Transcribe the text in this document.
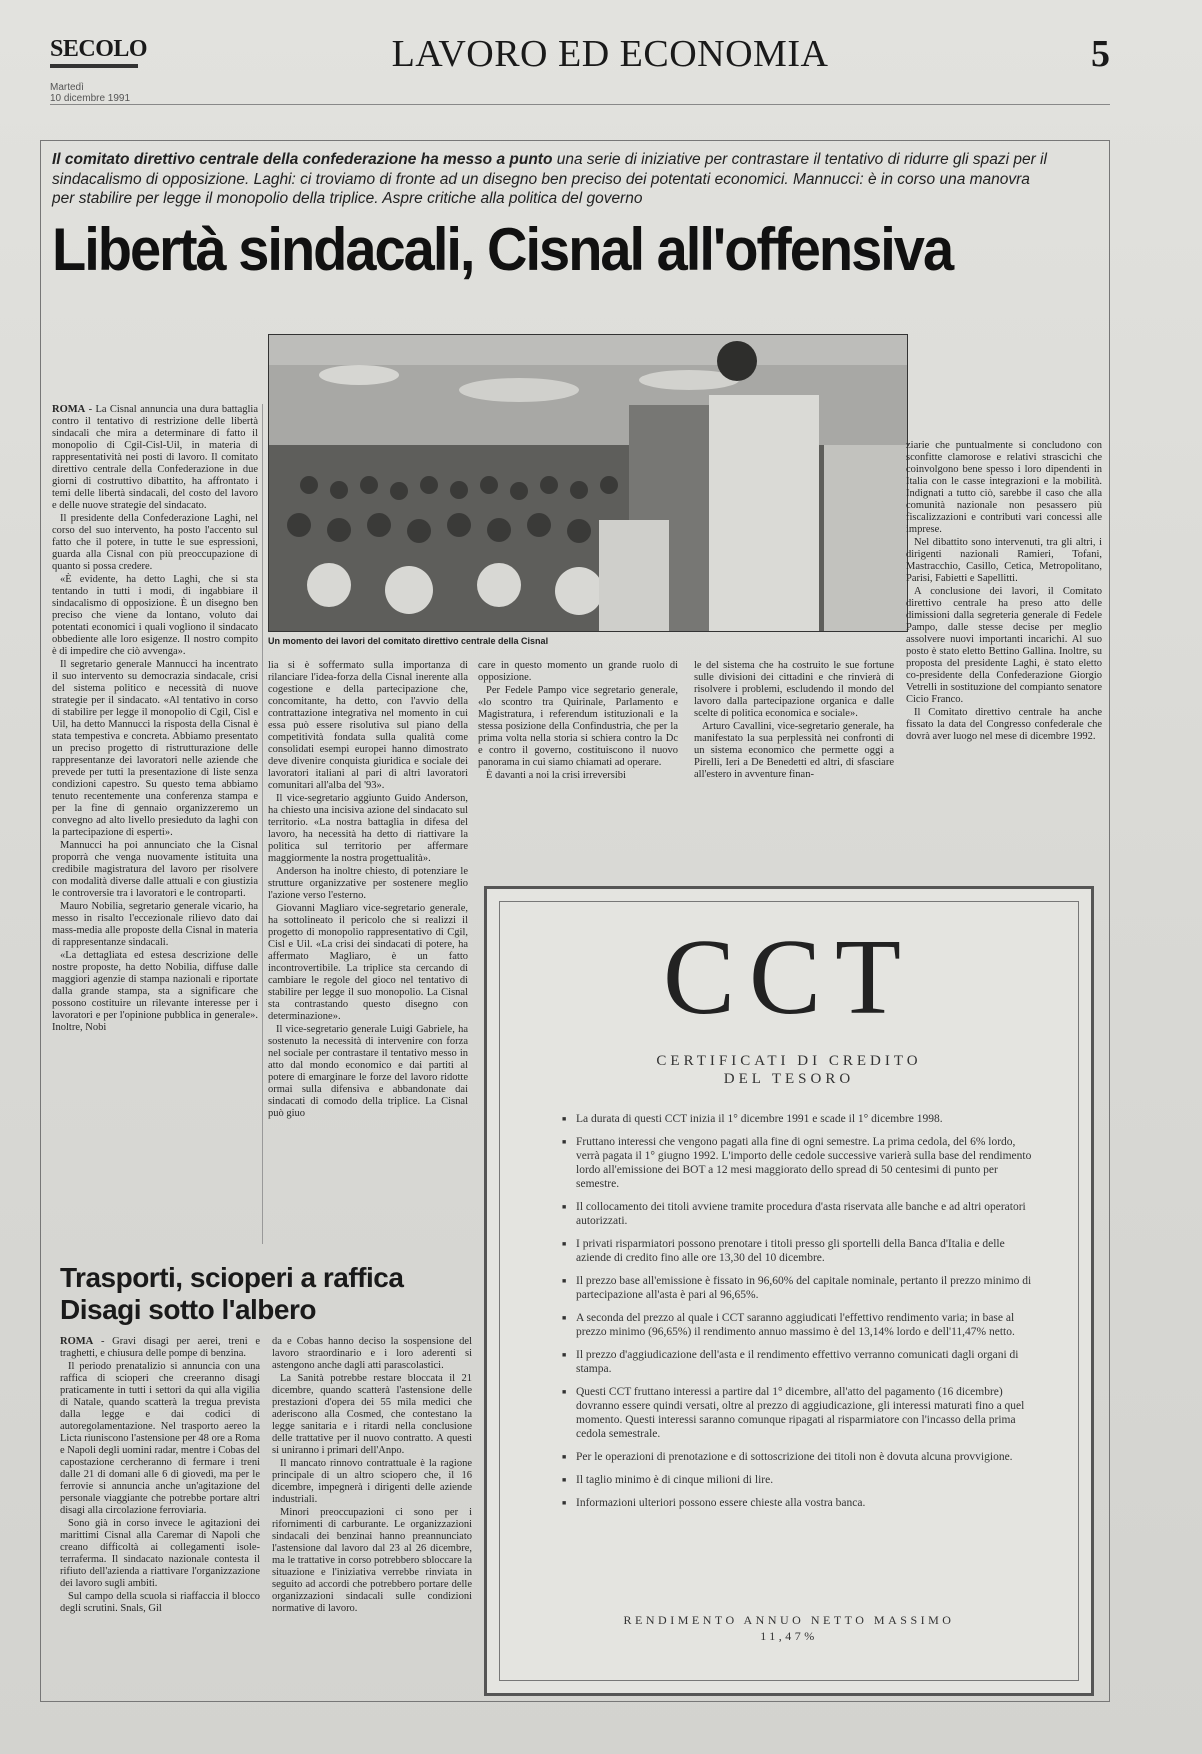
SECOLO
Martedì
10 dicembre 1991
LAVORO ED ECONOMIA	5
Il comitato direttivo centrale della confederazione ha messo a punto una serie di iniziative per contrastare il tentativo di ridurre gli spazi per il sindacalismo di opposizione. Laghi: ci troviamo di fronte ad un disegno ben preciso dei potentati economici. Mannucci: è in corso una manovra per stabilire per legge il monopolio della triplice. Aspre critiche alla politica del governo
Libertà sindacali, Cisnal all'offensiva
Un momento dei lavori del comitato direttivo centrale della Cisnal

ROMA - La Cisnal annuncia una dura battaglia contro il tentativo di restrizione delle libertà sindacali che mira a determinare di fatto il monopolio di Cgil-Cisl-Uil, in materia di rappresentatività nei posti di lavoro. Il comitato direttivo centrale della Confederazione in due giorni di costruttivo dibattito, ha affrontato i temi delle libertà sindacali, del costo del lavoro e delle nuove strategie del sindacato.

Il presidente della Confederazione Laghi, nel corso del suo intervento, ha posto l'accento sul fatto che il potere, in tutte le sue espressioni, guarda alla Cisnal con più preoccupazione di quanto si possa credere.

«È evidente, ha detto Laghi, che si sta tentando in tutti i modi, di ingabbiare il sindacalismo di opposizione. È un disegno ben preciso che viene da lontano, voluto dai potentati economici i quali vogliono il sindacato obbediente alle loro esigenze. Il nostro compito è di impedire che ciò avvenga».

Il segretario generale Mannucci ha incentrato il suo intervento su democrazia sindacale, crisi del sistema politico e necessità di nuove strategie per il sindacato. «Al tentativo in corso di stabilire per legge il monopolio di Cgil, Cisl e Uil, ha detto Mannucci la risposta della Cisnal è stata tempestiva e concreta. Abbiamo presentato un preciso progetto di ristrutturazione delle rappresentanze dei lavoratori nelle aziende che prevede per tutti la presentazione di liste senza condizioni capestro. Su questo tema abbiamo tenuto recentemente una conferenza stampa e per la fine di gennaio organizzeremo un convegno ad alto livello presieduto da laghi con la partecipazione di esperti».

Mannucci ha poi annunciato che la Cisnal proporrà che venga nuovamente istituita una credibile magistratura del lavoro per risolvere con modalità diverse dalle attuali e con giustizia le controversie tra i lavoratori e le controparti.

Mauro Nobilia, segretario generale vicario, ha messo in risalto l'eccezionale rilievo dato dai mass-media alle proposte della Cisnal in materia di rappresentanze sindacali.

«La dettagliata ed estesa descrizione delle nostre proposte, ha detto Nobilia, diffuse dalle maggiori agenzie di stampa nazionali e riportate dalla grande stampa, sta a significare che possono costituire un rilevante interesse per i lavoratori e per l'opinione pubblica in generale». Inoltre, Nobi

lia si è soffermato sulla importanza di rilanciare l'idea-forza della Cisnal inerente alla cogestione e della partecipazione che, concomitante, ha detto, con l'avvio della contrattazione integrativa nel momento in cui essa può essere risolutiva sul piano della competitività fondata sulla qualità come consolidati esempi europei hanno dimostrato deve divenire conquista giuridica e sociale dei lavoratori italiani al pari di altri lavoratori comunitari all'alba del '93».

Il vice-segretario aggiunto Guido Anderson, ha chiesto una incisiva azione del sindacato sul territorio. «La nostra battaglia in difesa del lavoro, ha necessità ha detto di riattivare la politica sul territorio per affermare maggiormente la nostra progettualità».

Anderson ha inoltre chiesto, di potenziare le strutture organizzative per sostenere meglio l'azione verso l'esterno.

Giovanni Magliaro vice-segretario generale, ha sottolineato il pericolo che si realizzi il progetto di monopolio rappresentativo di Cgil, Cisl e Uil. «La crisi dei sindacati di potere, ha affermato Magliaro, è un fatto incontrovertibile. La triplice sta cercando di cambiare le regole del gioco nel tentativo di stabilire per legge il suo monopolio. La Cisnal sta contrastando questo disegno con determinazione».

Il vice-segretario generale Luigi Gabriele, ha sostenuto la necessità di intervenire con forza nel sociale per contrastare il tentativo messo in atto dal mondo economico e dai partiti al potere di emarginare le forze del lavoro ridotte ormai sulla difensiva e abbandonate dai sindacati di comodo della triplice. La Cisnal può giuo

care in questo momento un grande ruolo di opposizione.

Per Fedele Pampo vice segretario generale, «lo scontro tra Quirinale, Parlamento e Magistratura, i referendum istituzionali e la stessa posizione della Confindustria, che per la prima volta nella storia si schiera contro la Dc e contro il governo, costituiscono il nuovo panorama in cui siamo chiamati ad operare.

È davanti a noi la crisi irreversibi

le del sistema che ha costruito le sue fortune sulle divisioni dei cittadini e che rinvierà di risolvere i problemi, escludendo il mondo del lavoro dalla partecipazione organica e dalle scelte di politica economica e sociale».

Arturo Cavallini, vice-segretario generale, ha manifestato la sua perplessità nei confronti di un sistema economico che permette oggi a Pirelli, Ieri a De Benedetti ed altri, di sfasciare all'estero in avventure finan-

ziarie che puntualmente si concludono con sconfitte clamorose e relativi strascichi che coinvolgono bene spesso i loro dipendenti in Italia con le casse integrazioni e la mobilità. Indignati a tutto ciò, sarebbe il caso che alla comunità nazionale non pesassero più fiscalizzazioni e contributi vari concessi alle imprese.

Nel dibattito sono intervenuti, tra gli altri, i dirigenti nazionali Ramieri, Tofani, Mastracchio, Casillo, Cetica, Metropolitano, Parisi, Fabietti e Sapellitti.

A conclusione dei lavori, il Comitato direttivo centrale ha preso atto delle dimissioni dalla segreteria generale di Fedele Pampo, dalle stesse decise per meglio assolvere nuovi importanti incarichi. Al suo posto è stato eletto Bettino Gallina. Inoltre, su proposta del presidente Laghi, è stato eletto co-presidente della Confederazione Giorgio Vetrelli in sostituzione del compianto senatore Cicio Franco.

Il Comitato direttivo centrale ha anche fissato la data del Congresso confederale che dovrà aver luogo nel mese di dicembre 1992.

Trasporti, scioperi a raffica
Disagi sotto l'albero

ROMA - Gravi disagi per aerei, treni e traghetti, e chiusura delle pompe di benzina.

Il periodo prenatalizio si annuncia con una raffica di scioperi che creeranno disagi praticamente in tutti i settori da qui alla vigilia di Natale, quando scatterà la tregua prevista dalla legge e dai codici di autoregolamentazione. Nel trasporto aereo la Licta riuniscono l'astensione per 48 ore a Roma e Napoli degli uomini radar, mentre i Cobas del capostazione cercheranno di fermare i treni dalle 21 di domani alle 6 di giovedì, ma per le ferrovie si annuncia anche un'agitazione del personale viaggiante che potrebbe portare altri disagi alla circolazione ferroviaria.

Sono già in corso invece le agitazioni dei marittimi Cisnal alla Caremar di Napoli che creano difficoltà ai collegamenti isole-terraferma. Il sindacato nazionale contesta il rifiuto dell'azienda a riattivare l'organizzazione dei lavoro sugli ambiti.

Sul campo della scuola si riaffaccia il blocco degli scrutini. Snals, Gil

da e Cobas hanno deciso la sospensione del lavoro straordinario e i loro aderenti si astengono anche dagli atti parascolastici.

La Sanità potrebbe restare bloccata il 21 dicembre, quando scatterà l'astensione delle prestazioni d'opera dei 55 mila medici che aderiscono alla Cosmed, che contestano la legge sanitaria e i ritardi nella conclusione delle trattative per il nuovo contratto. A questi si uniranno i primari dell'Anpo.

Il mancato rinnovo contrattuale è la ragione principale di un altro sciopero che, il 16 dicembre, impegnerà i dirigenti delle aziende industriali.

Minori preoccupazioni ci sono per i rifornimenti di carburante. Le organizzazioni sindacali dei benzinai hanno preannunciato l'astensione dal lavoro dal 23 al 26 dicembre, ma le trattative in corso potrebbero sbloccare la situazione e l'iniziativa verrebbe rinviata in seguito ad accordi che potrebbero portare delle organizzazioni sindacali sulle condizioni normative di lavoro.

CCT
CERTIFICATI DI CREDITO
DEL TESORO
■ La durata di questi CCT inizia il 1° dicembre 1991 e scade il 1° dicembre 1998.
■ Fruttano interessi che vengono pagati alla fine di ogni semestre. La prima cedola, del 6% lordo, verrà pagata il 1° giugno 1992. L'importo delle cedole successive varierà sulla base del rendimento lordo all'emissione dei BOT a 12 mesi maggiorato dello spread di 50 centesimi di punto per semestre.
■ Il collocamento dei titoli avviene tramite procedura d'asta riservata alle banche e ad altri operatori autorizzati.
■ I privati risparmiatori possono prenotare i titoli presso gli sportelli della Banca d'Italia e delle aziende di credito fino alle ore 13,30 del 10 dicembre.
■ Il prezzo base all'emissione è fissato in 96,60% del capitale nominale, pertanto il prezzo minimo di partecipazione all'asta è pari al 96,65%.
■ A seconda del prezzo al quale i CCT saranno aggiudicati l'effettivo rendimento varia; in base al prezzo minimo (96,65%) il rendimento annuo massimo è del 13,14% lordo e dell'11,47% netto.
■ Il prezzo d'aggiudicazione dell'asta e il rendimento effettivo verranno comunicati dagli organi di stampa.
■ Questi CCT fruttano interessi a partire dal 1° dicembre, all'atto del pagamento (16 dicembre) dovranno essere quindi versati, oltre al prezzo di aggiudicazione, gli interessi maturati fino a quel momento. Questi interessi saranno comunque ripagati al risparmiatore con l'incasso della prima cedola semestrale.
■ Per le operazioni di prenotazione e di sottoscrizione dei titoli non è dovuta alcuna provvigione.
■ Il taglio minimo è di cinque milioni di lire.
■ Informazioni ulteriori possono essere chieste alla vostra banca.
RENDIMENTO ANNUO NETTO MASSIMO
11,47%
